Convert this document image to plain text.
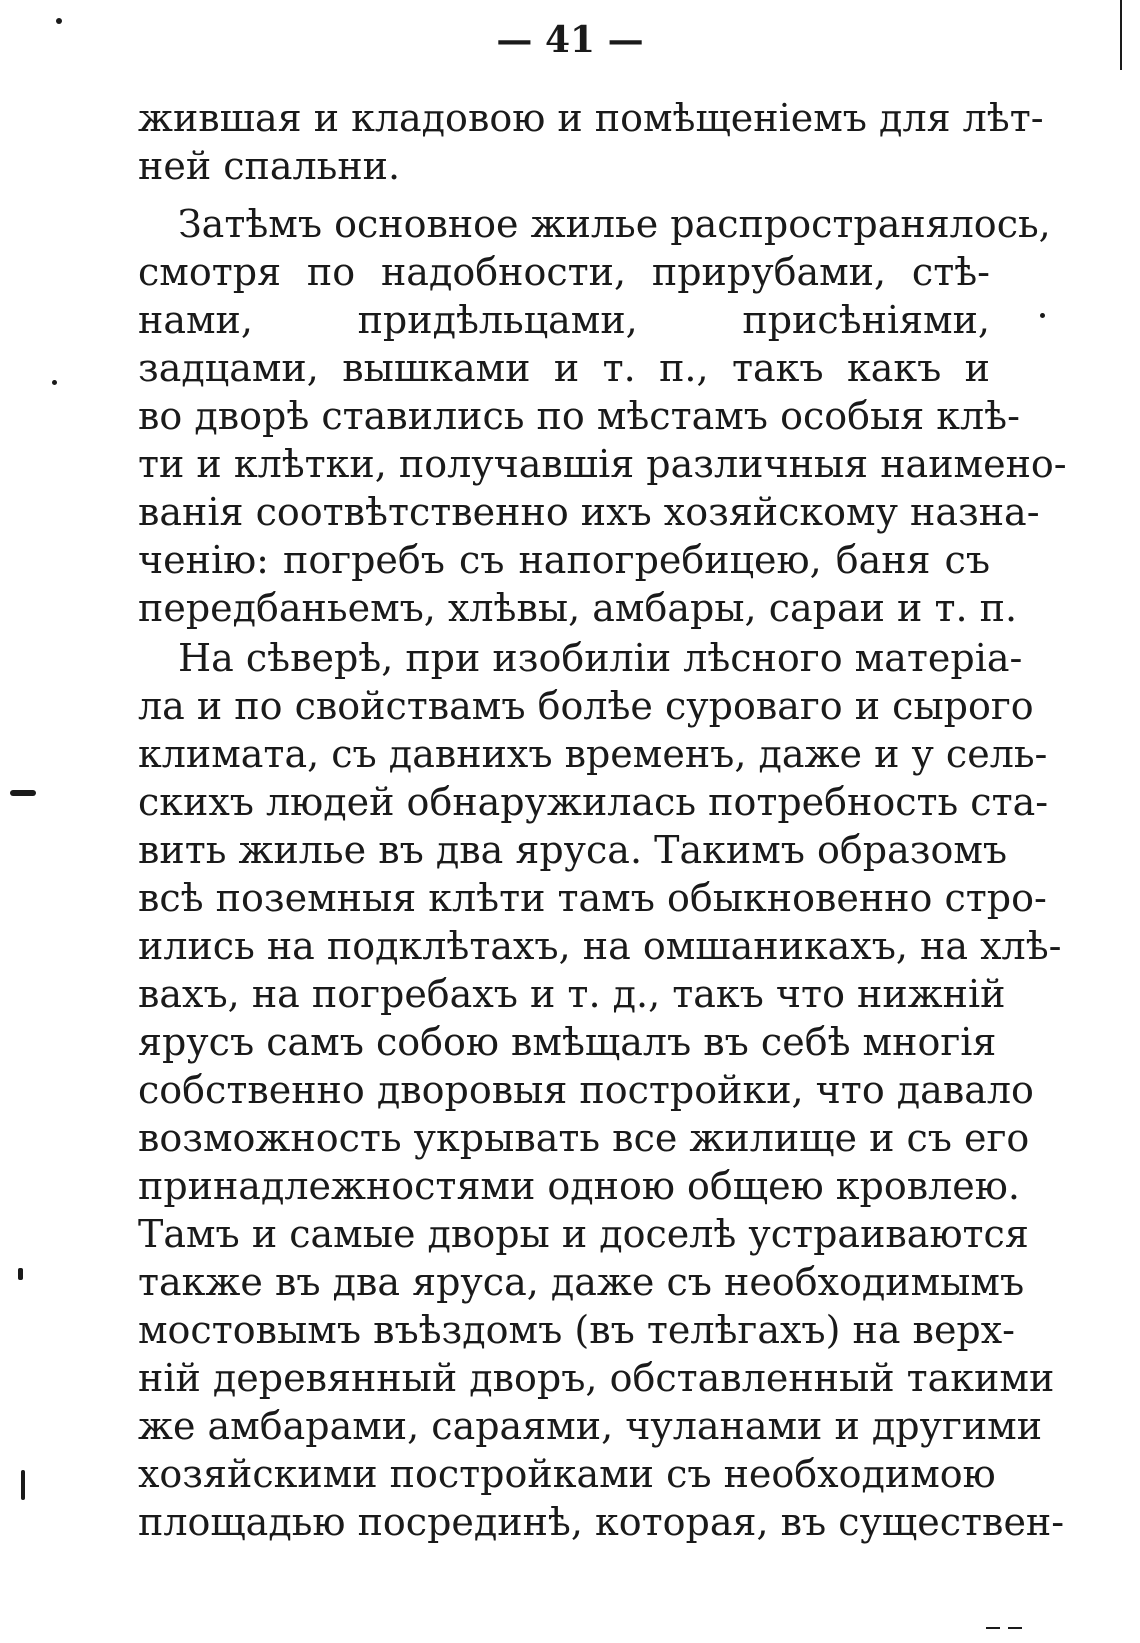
— 41 —
жившая и кладовою и помѣщеніемъ для лѣт-
ней спальни.
Затѣмъ основное жилье распространялось,
смотря по надобности, прирубами, стѣ-
нами, придѣльцами, присѣніями,
задцами, вышками и т. п., такъ какъ и
во дворѣ ставились по мѣстамъ особыя клѣ-
ти и клѣтки, получавшія различныя наимено-
ванія соотвѣтственно ихъ хозяйскому назна-
ченію: погребъ съ напогребицею, баня съ
передбаньемъ, хлѣвы, амбары, сараи и т. п.
На сѣверѣ, при изобиліи лѣсного матеріа-
ла и по свойствамъ болѣе суроваго и сырого
климата, съ давнихъ временъ, даже и у сель-
скихъ людей обнаружилась потребность ста-
вить жилье въ два яруса. Такимъ образомъ
всѣ поземныя клѣти тамъ обыкновенно стро-
ились на подклѣтахъ, на омшаникахъ, на хлѣ-
вахъ, на погребахъ и т. д., такъ что нижній
ярусъ самъ собою вмѣщалъ въ себѣ многія
собственно дворовыя постройки, что давало
возможность укрывать все жилище и съ его
принадлежностями одною общею кровлею.
Тамъ и самые дворы и доселѣ устраиваются
также въ два яруса, даже съ необходимымъ
мостовымъ въѣздомъ (въ телѣгахъ) на верх-
ній деревянный дворъ, обставленный такими
же амбарами, сараями, чуланами и другими
хозяйскими постройками съ необходимою
площадью посрединѣ, которая, въ существен-
